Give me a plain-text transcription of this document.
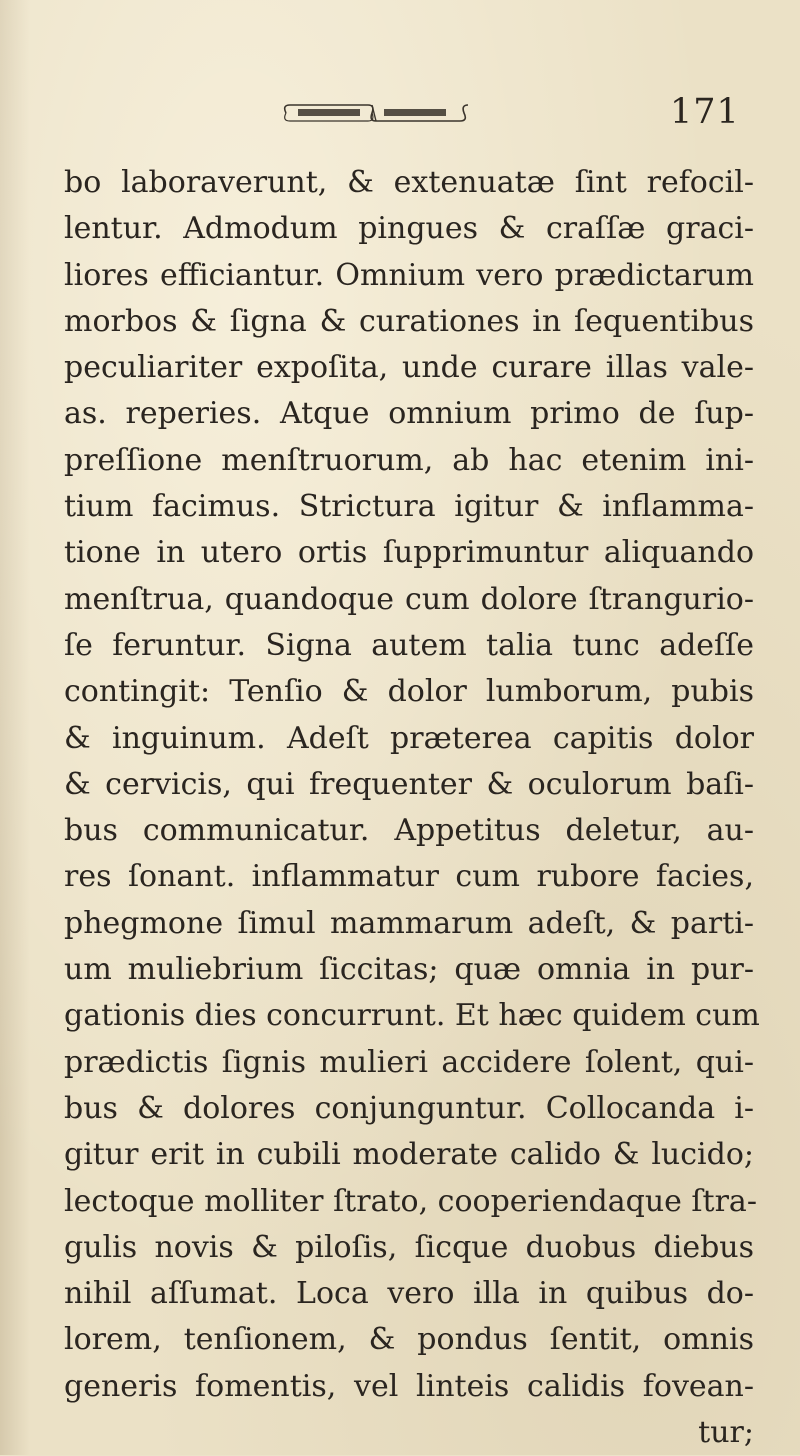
171
bo laboraverunt, & extenuatæ ſint refocil-
lentur. Admodum pingues & craſſæ graci-
liores efficiantur. Omnium vero prædictarum
morbos & ſigna & curationes in ſequentibus
peculiariter expoſita, unde curare illas vale-
as. reperies. Atque omnium primo de ſup-
preſſione menſtruorum, ab hac etenim ini-
tium facimus. Strictura igitur & inflamma-
tione in utero ortis ſupprimuntur aliquando
menſtrua, quandoque cum dolore ſtrangurio-
ſe feruntur. Signa autem talia tunc adeſſe
contingit: Tenſio & dolor lumborum, pubis
& inguinum. Adeſt præterea capitis dolor
& cervicis, qui frequenter & oculorum baſi-
bus communicatur. Appetitus deletur, au-
res ſonant. inflammatur cum rubore facies,
phegmone ſimul mammarum adeſt, & parti-
um muliebrium ſiccitas; quæ omnia in pur-
gationis dies concurrunt. Et hæc quidem cum
prædictis ſignis mulieri accidere ſolent, qui-
bus & dolores conjunguntur. Collocanda i-
gitur erit in cubili moderate calido & lucido;
lectoque molliter ſtrato, cooperiendaque ſtra-
gulis novis & piloſis, ſicque duobus diebus
nihil aſſumat. Loca vero illa in quibus do-
lorem, tenſionem, & pondus ſentit, omnis
generis fomentis, vel linteis calidis fovean-
tur;
